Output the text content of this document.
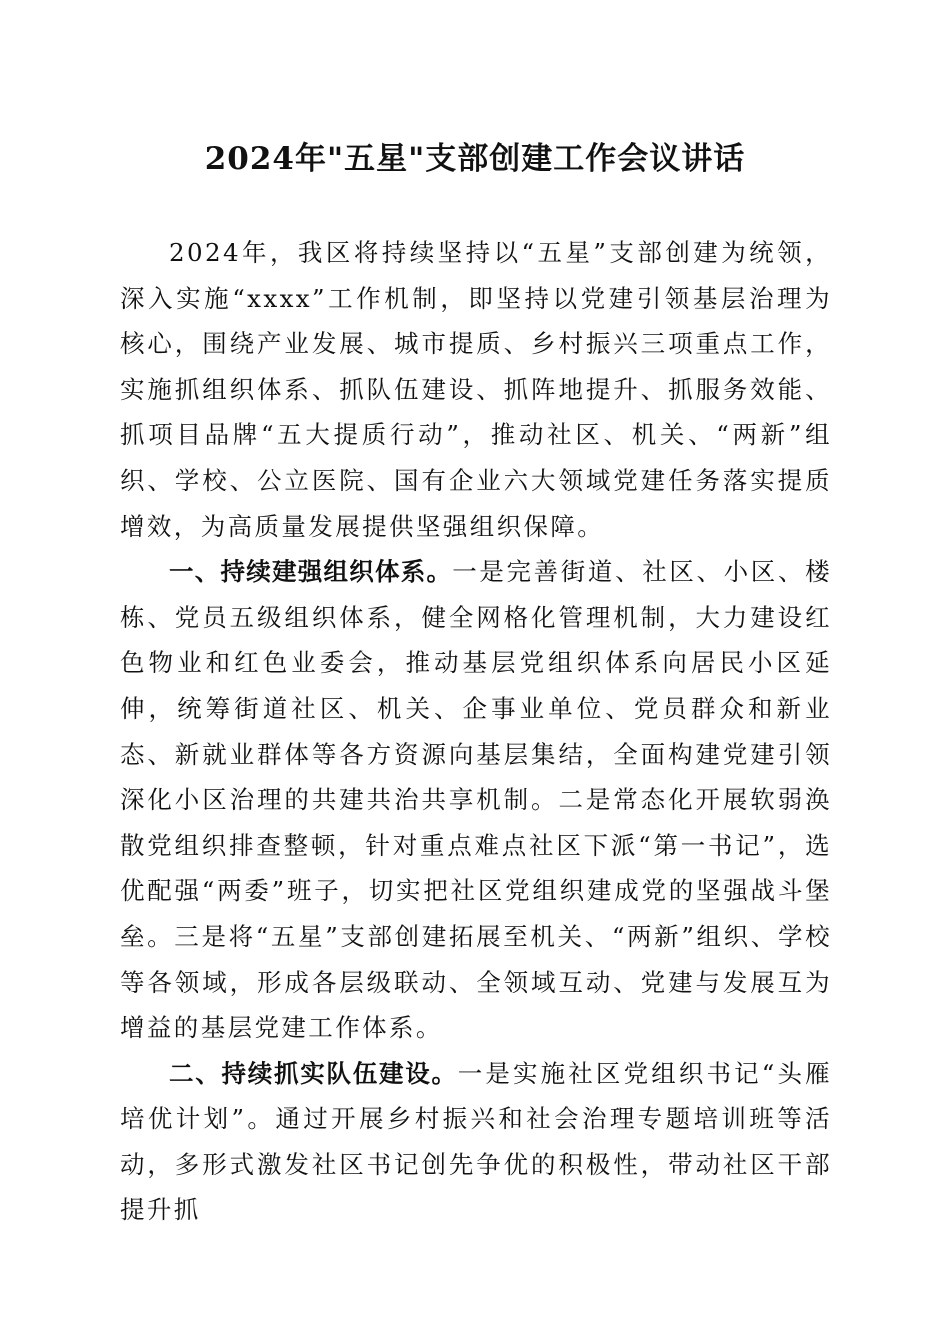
2024年"五星"支部创建工作会议讲话

2024年，我区将持续坚持以“五星”支部创建为统领，深入实施“xxxx”工作机制，即坚持以党建引领基层治理为核心，围绕产业发展、城市提质、乡村振兴三项重点工作，实施抓组织体系、抓队伍建设、抓阵地提升、抓服务效能、抓项目品牌“五大提质行动”，推动社区、机关、“两新”组织、学校、公立医院、国有企业六大领域党建任务落实提质增效，为高质量发展提供坚强组织保障。

一、持续建强组织体系。一是完善街道、社区、小区、楼栋、党员五级组织体系，健全网格化管理机制，大力建设红色物业和红色业委会，推动基层党组织体系向居民小区延伸，统筹街道社区、机关、企事业单位、党员群众和新业态、新就业群体等各方资源向基层集结，全面构建党建引领深化小区治理的共建共治共享机制。二是常态化开展软弱涣散党组织排查整顿，针对重点难点社区下派“第一书记”，选优配强“两委”班子，切实把社区党组织建成党的坚强战斗堡垒。三是将“五星”支部创建拓展至机关、“两新”组织、学校等各领域，形成各层级联动、全领域互动、党建与发展互为增益的基层党建工作体系。

二、持续抓实队伍建设。一是实施社区党组织书记“头雁培优计划”。通过开展乡村振兴和社会治理专题培训班等活动，多形式激发社区书记创先争优的积极性，带动社区干部提升抓
